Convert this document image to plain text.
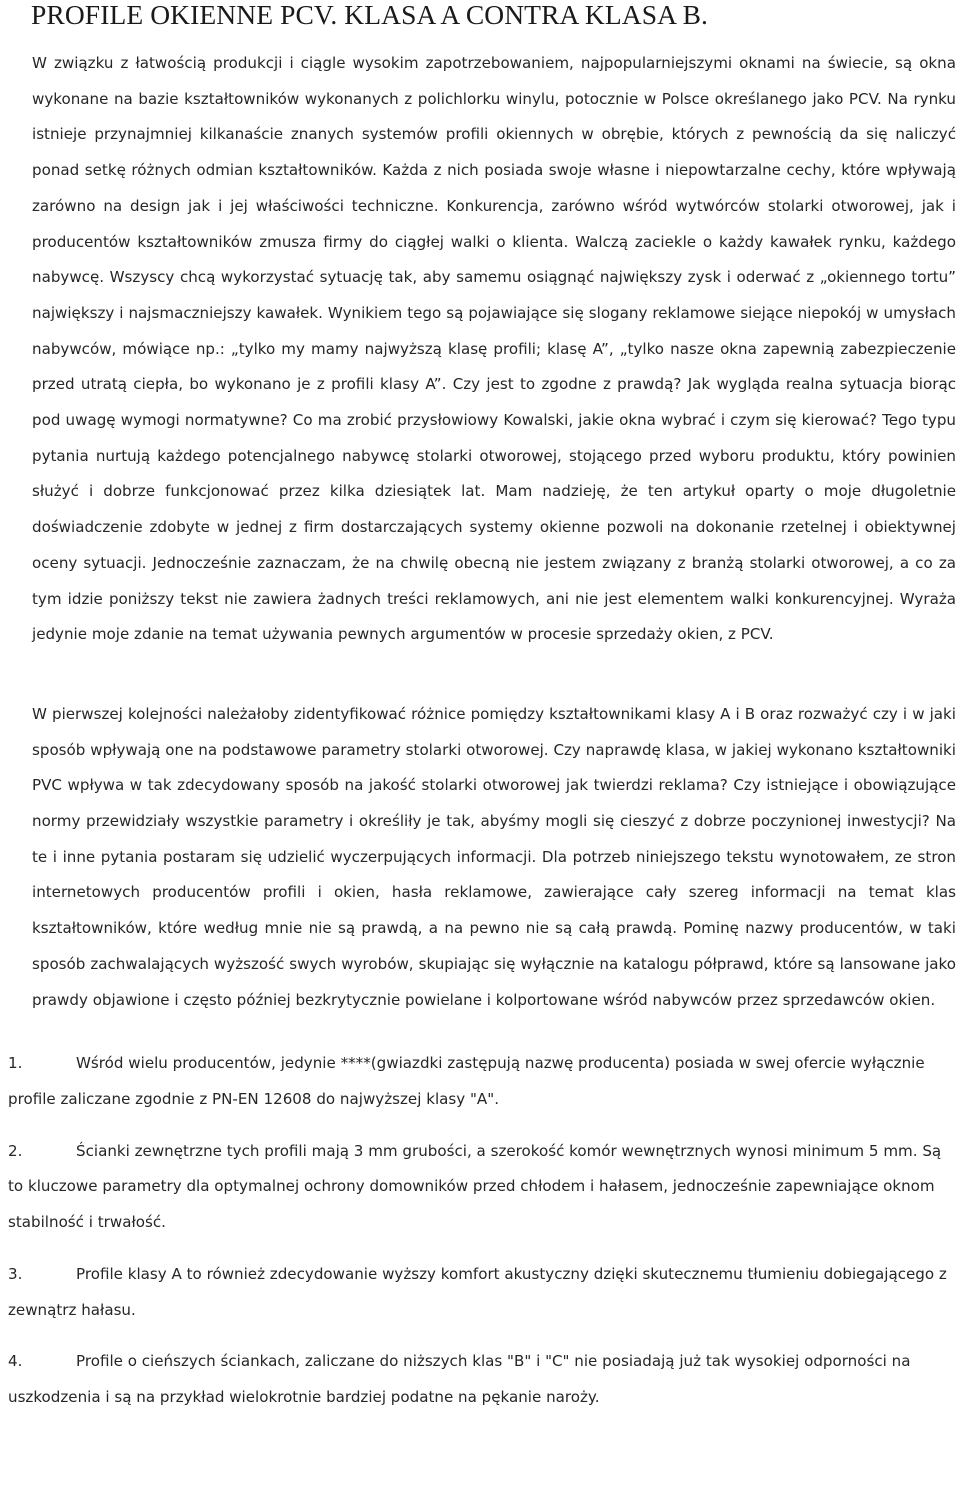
PROFILE OKIENNE PCV. KLASA A CONTRA KLASA B.

W związku z łatwością produkcji i ciągle wysokim zapotrzebowaniem, najpopularniejszymi oknami na świecie, są okna wykonane na bazie kształtowników wykonanych z polichlorku winylu, potocznie w Polsce określanego jako PCV. Na rynku istnieje przynajmniej kilkanaście znanych systemów profili okiennych w obrębie, których z pewnością da się naliczyć ponad setkę różnych odmian kształtowników. Każda z nich posiada swoje własne i niepowtarzalne cechy, które wpływają zarówno na design jak i jej właściwości techniczne. Konkurencja, zarówno wśród wytwórców stolarki otworowej, jak i producentów kształtowników zmusza firmy do ciągłej walki o klienta. Walczą zaciekle o każdy kawałek rynku, każdego nabywcę. Wszyscy chcą wykorzystać sytuację tak, aby samemu osiągnąć największy zysk i oderwać z „okiennego tortu” największy i najsmaczniejszy kawałek. Wynikiem tego są pojawiające się slogany reklamowe siejące niepokój w umysłach nabywców, mówiące np.: „tylko my mamy najwyższą klasę profili; klasę A”, „tylko nasze okna zapewnią zabezpieczenie przed utratą ciepła, bo wykonano je z profili klasy A”. Czy jest to zgodne z prawdą? Jak wygląda realna sytuacja biorąc pod uwagę wymogi normatywne? Co ma zrobić przysłowiowy Kowalski, jakie okna wybrać i czym się kierować? Tego typu pytania nurtują każdego potencjalnego nabywcę stolarki otworowej, stojącego przed wyboru produktu, który powinien służyć i dobrze funkcjonować przez kilka dziesiątek lat. Mam nadzieję, że ten artykuł oparty o moje długoletnie doświadczenie zdobyte w jednej z firm dostarczających systemy okienne pozwoli na dokonanie rzetelnej i obiektywnej oceny sytuacji. Jednocześnie zaznaczam, że na chwilę obecną nie jestem związany z branżą stolarki otworowej, a co za tym idzie poniższy tekst nie zawiera żadnych treści reklamowych, ani nie jest elementem walki konkurencyjnej. Wyraża jedynie moje zdanie na temat używania pewnych argumentów w procesie sprzedaży okien, z PCV.

W pierwszej kolejności należałoby zidentyfikować różnice pomiędzy kształtownikami klasy A i B oraz rozważyć czy i w jaki sposób wpływają one na podstawowe parametry stolarki otworowej. Czy naprawdę klasa, w jakiej wykonano kształtowniki PVC wpływa w tak zdecydowany sposób na jakość stolarki otworowej jak twierdzi reklama? Czy istniejące i obowiązujące normy przewidziały wszystkie parametry i określiły je tak, abyśmy mogli się cieszyć z dobrze poczynionej inwestycji? Na te i inne pytania postaram się udzielić wyczerpujących informacji. Dla potrzeb niniejszego tekstu wynotowałem, ze stron internetowych producentów profili i okien, hasła reklamowe, zawierające cały szereg informacji na temat klas kształtowników, które według mnie nie są prawdą, a na pewno nie są całą prawdą. Pominę nazwy producentów, w taki sposób zachwalających wyższość swych wyrobów, skupiając się wyłącznie na katalogu półprawd, które są lansowane jako prawdy objawione i często później bezkrytycznie powielane i kolportowane wśród nabywców przez sprzedawców okien.

1.	Wśród wielu producentów, jedynie ****(gwiazdki zastępują nazwę producenta) posiada w swej ofercie wyłącznie profile zaliczane zgodnie z PN-EN 12608 do najwyższej klasy "A".
2.	Ścianki zewnętrzne tych profili mają 3 mm grubości, a szerokość komór wewnętrznych wynosi minimum 5 mm. Są to kluczowe parametry dla optymalnej ochrony domowników przed chłodem i hałasem, jednocześnie zapewniające oknom stabilność i trwałość.
3.	Profile klasy A to również zdecydowanie wyższy komfort akustyczny dzięki skutecznemu tłumieniu dobiegającego z zewnątrz hałasu.
4.	Profile o cieńszych ściankach, zaliczane do niższych klas "B" i "C" nie posiadają już tak wysokiej odporności na uszkodzenia i są na przykład wielokrotnie bardziej podatne na pękanie naroży.
